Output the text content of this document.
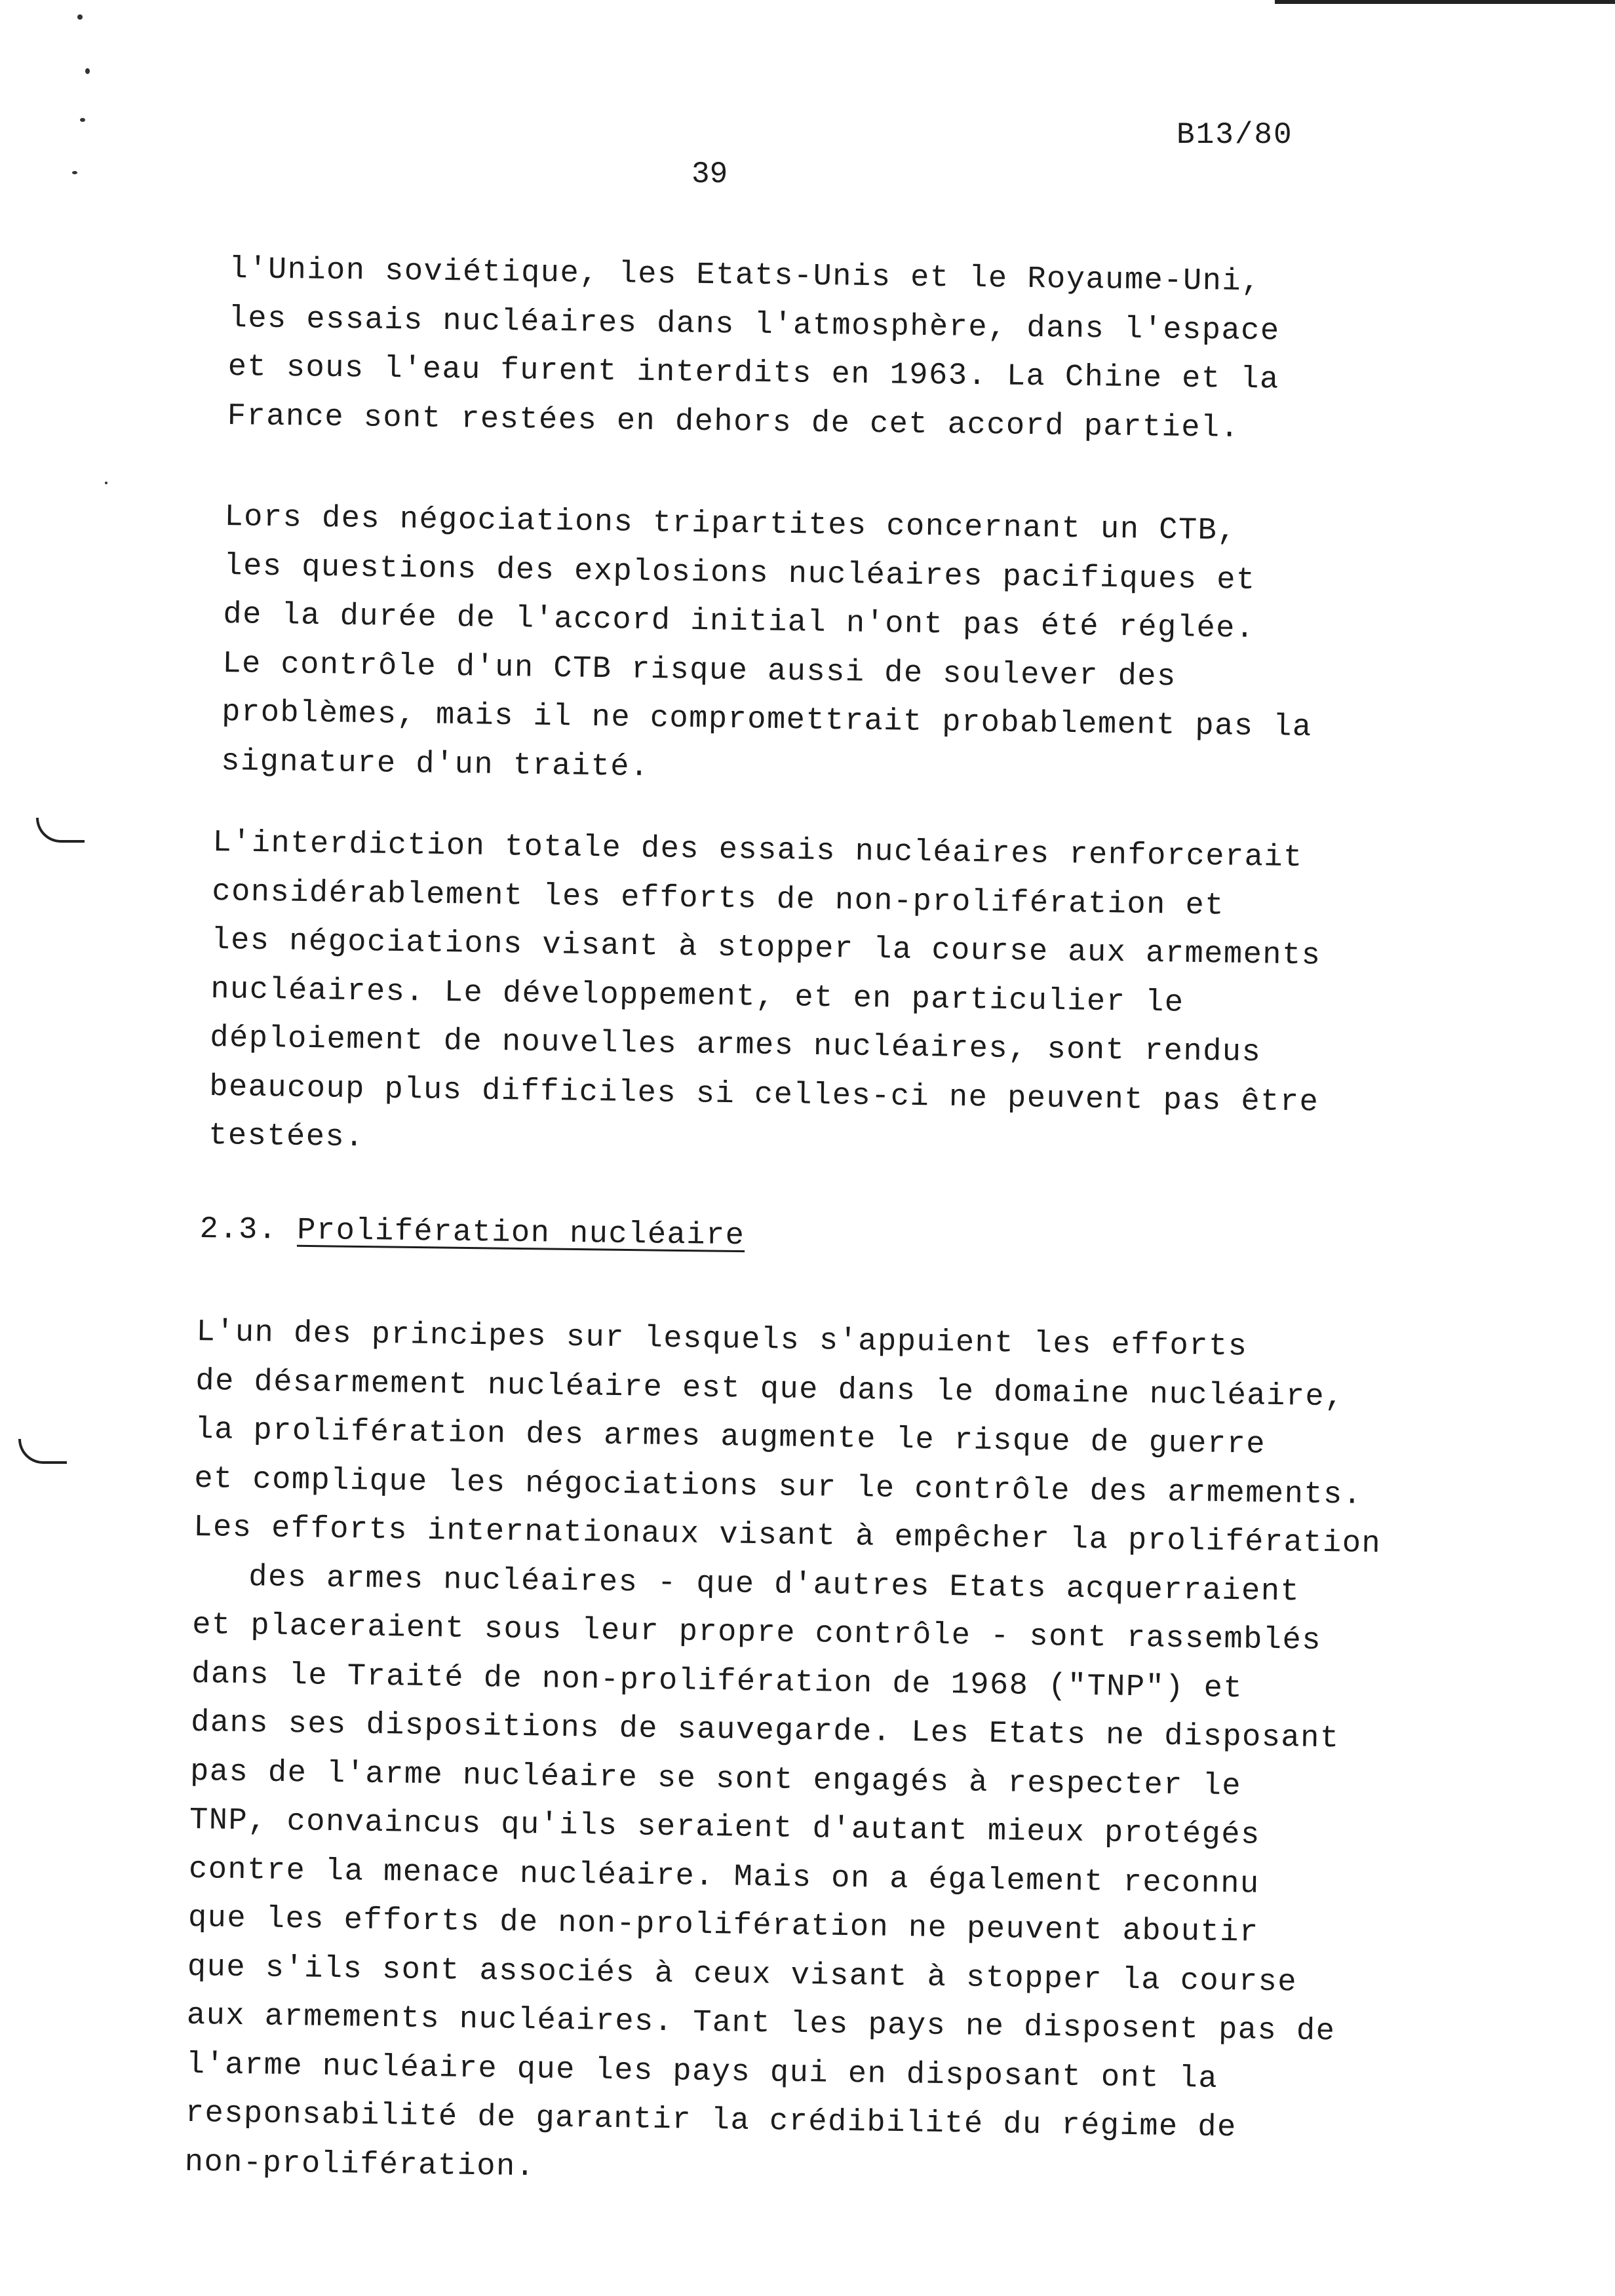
B13/80
39

l'Union soviétique, les Etats-Unis et le Royaume-Uni,
les essais nucléaires dans l'atmosphère, dans l'espace
et sous l'eau furent interdits en 1963. La Chine et la
France sont restées en dehors de cet accord partiel.

Lors des négociations tripartites concernant un CTB,
les questions des explosions nucléaires pacifiques et
de la durée de l'accord initial n'ont pas été réglée.
Le contrôle d'un CTB risque aussi de soulever des
problèmes, mais il ne compromettrait probablement pas la
signature d'un traité.

L'interdiction totale des essais nucléaires renforcerait
considérablement les efforts de non-prolifération et
les négociations visant à stopper la course aux armements
nucléaires. Le développement, et en particulier le
déploiement de nouvelles armes nucléaires, sont rendus
beaucoup plus difficiles si celles-ci ne peuvent pas être
testées.

2.3. Prolifération nucléaire

L'un des principes sur lesquels s'appuient les efforts
de désarmement nucléaire est que dans le domaine nucléaire,
la prolifération des armes augmente le risque de guerre
et complique les négociations sur le contrôle des armements.
Les efforts internationaux visant à empêcher la prolifération
des armes nucléaires - que d'autres Etats acquerraient
et placeraient sous leur propre contrôle - sont rassemblés
dans le Traité de non-prolifération de 1968 ("TNP") et
dans ses dispositions de sauvegarde. Les Etats ne disposant
pas de l'arme nucléaire se sont engagés à respecter le
TNP, convaincus qu'ils seraient d'autant mieux protégés
contre la menace nucléaire. Mais on a également reconnu
que les efforts de non-prolifération ne peuvent aboutir
que s'ils sont associés à ceux visant à stopper la course
aux armements nucléaires. Tant les pays ne disposent pas de
l'arme nucléaire que les pays qui en disposant ont la
responsabilité de garantir la crédibilité du régime de
non-prolifération.
